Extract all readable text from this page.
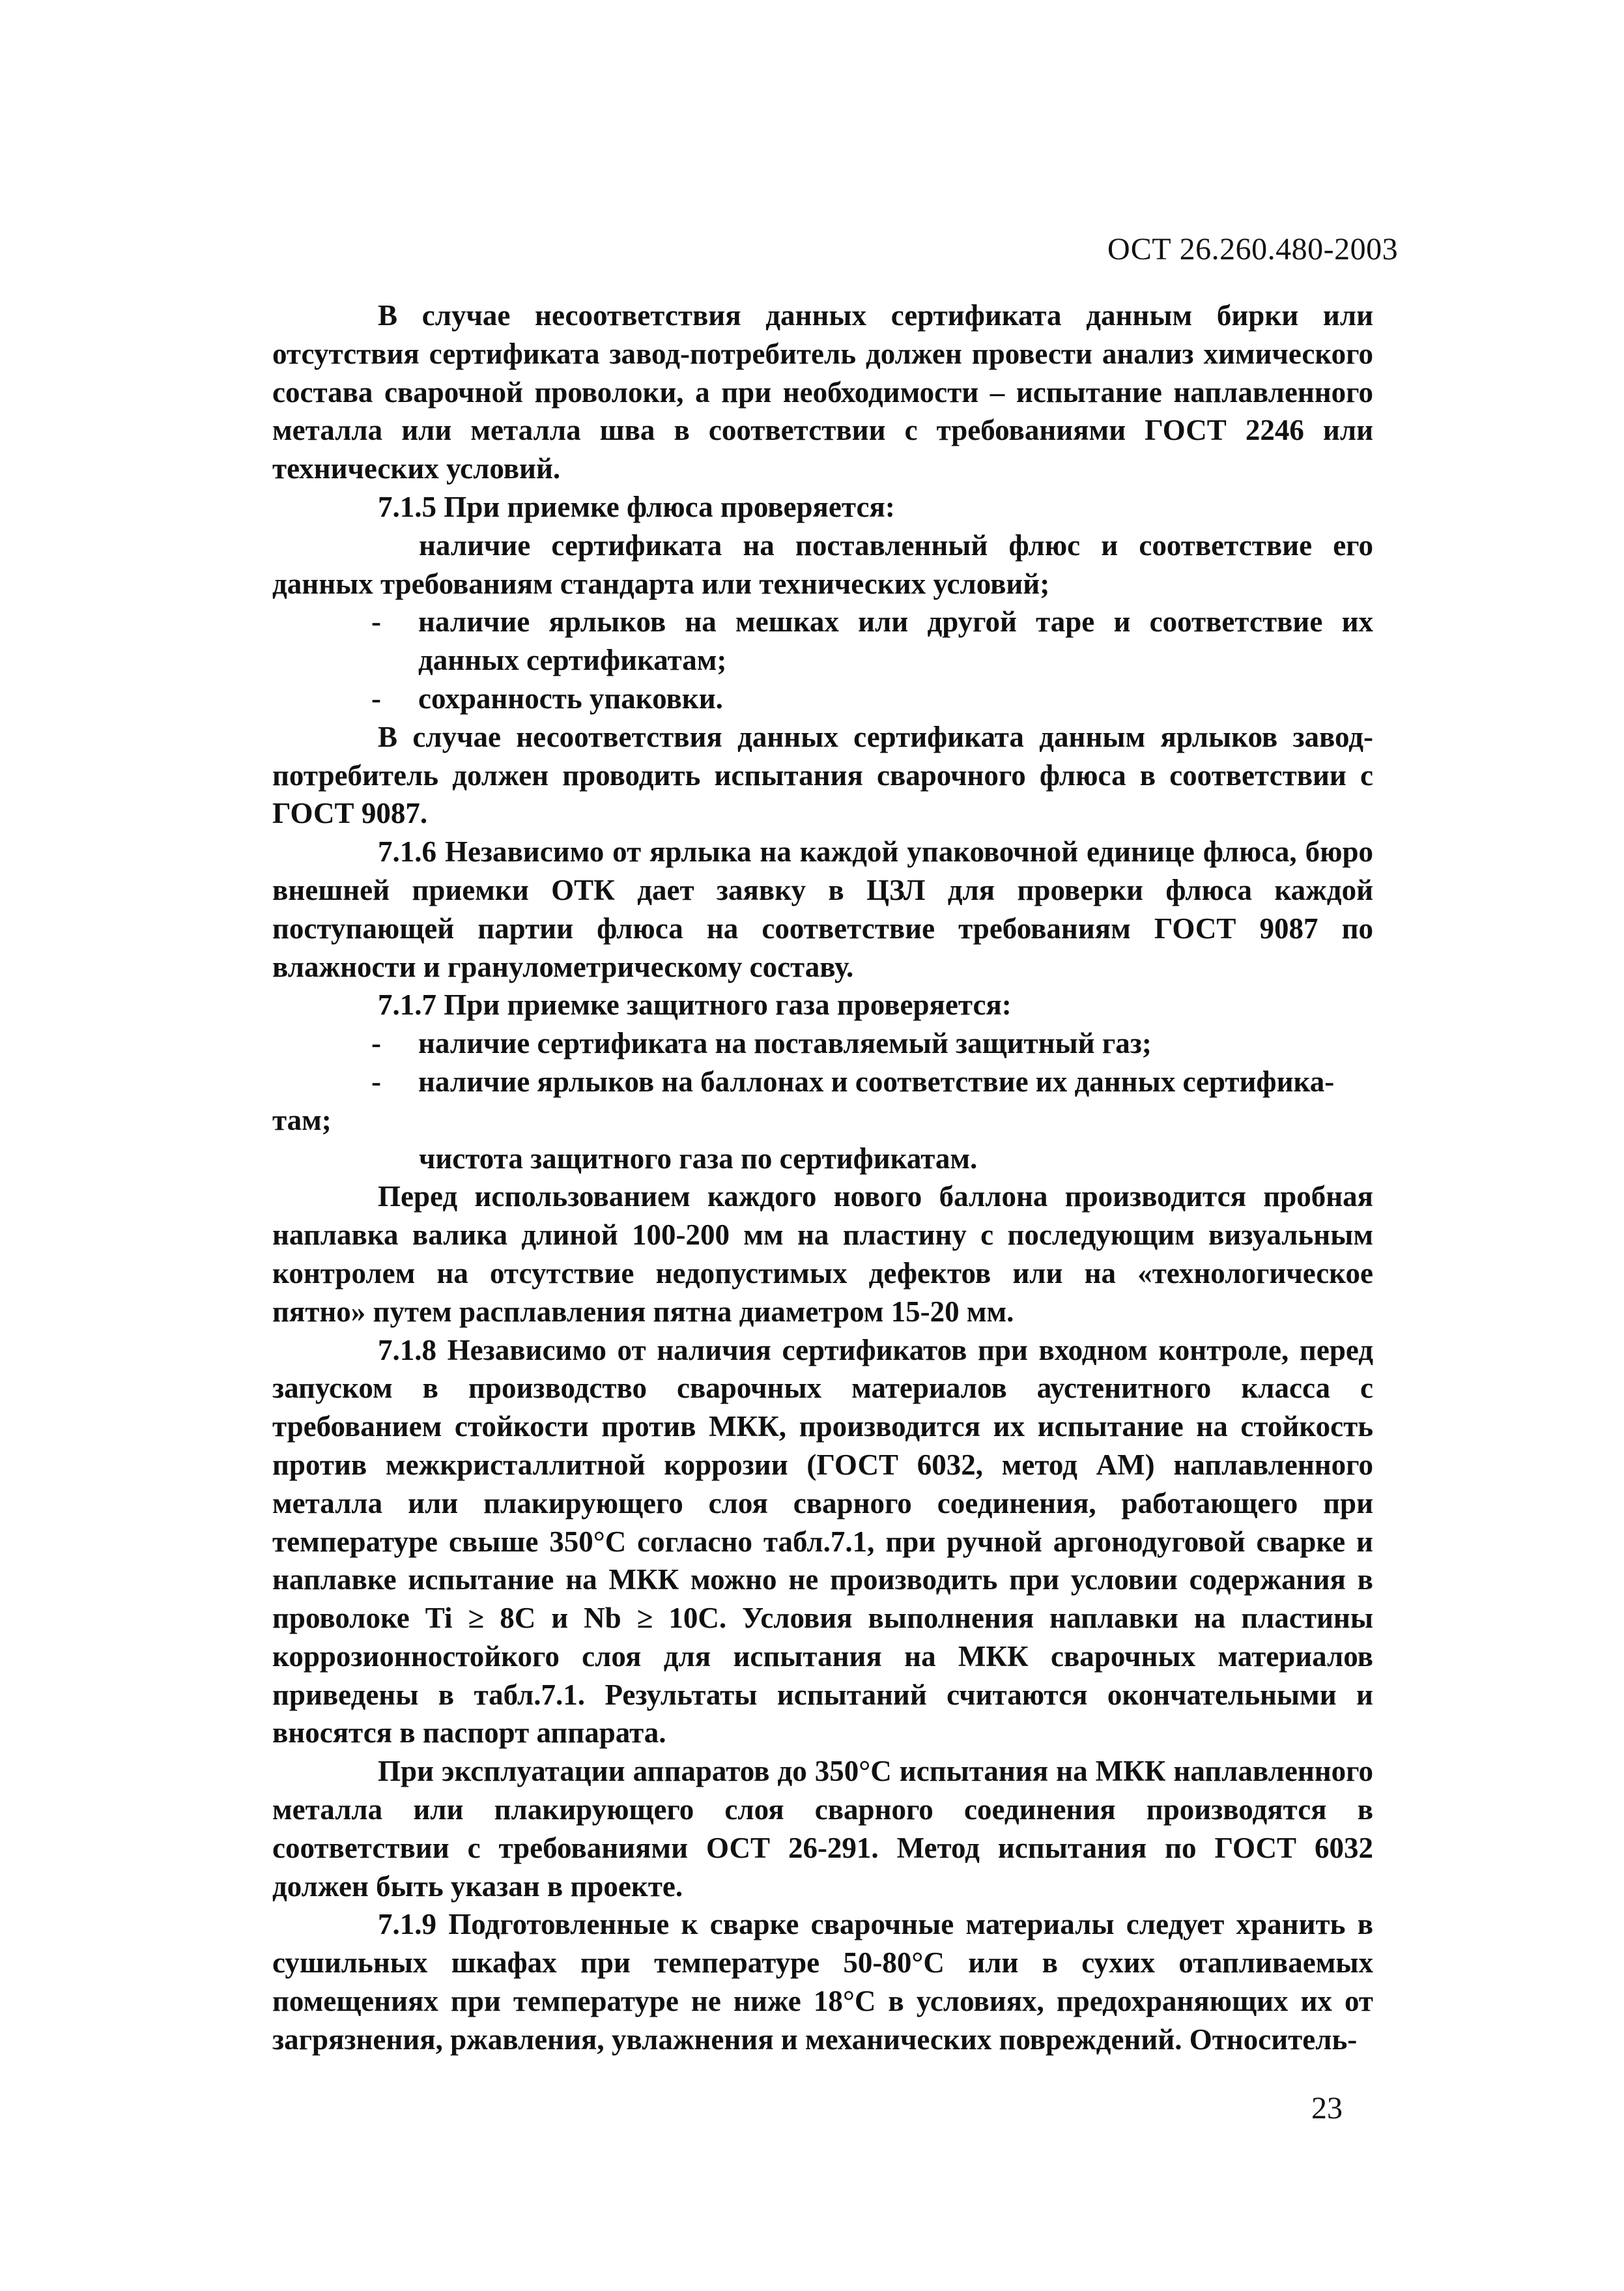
ОСТ 26.260.480-2003

В случае несоответствия данных сертификата данным бирки или отсутствия сертификата завод-потребитель должен провести анализ химического состава сварочной проволоки, а при необходимости – испытание наплавленного металла или металла шва в соответствии с требованиями ГОСТ 2246 или технических условий.

7.1.5 При приемке флюса проверяется:

наличие сертификата на поставленный флюс и соответствие его данных требованиям стандарта или технических условий;

-	наличие ярлыков на мешках или другой таре и соответствие их данных сертификатам;
-	сохранность упаковки.

В случае несоответствия данных сертификата данным ярлыков завод-потребитель должен проводить испытания сварочного флюса в соответствии с ГОСТ 9087.

7.1.6 Независимо от ярлыка на каждой упаковочной единице флюса, бюро внешней приемки ОТК дает заявку в ЦЗЛ для проверки флюса каждой поступающей партии флюса на соответствие требованиям ГОСТ 9087 по влажности и гранулометрическому составу.

7.1.7 При приемке защитного газа проверяется:

-	наличие сертификата на поставляемый защитный газ;
-	наличие ярлыков на баллонах и соответствие их данных сертифика-

там;

чистота защитного газа по сертификатам.

Перед использованием каждого нового баллона производится пробная наплавка валика длиной 100-200 мм на пластину с последующим визуальным контролем на отсутствие недопустимых дефектов или на «технологическое пятно» путем расплавления пятна диаметром 15-20 мм.

7.1.8 Независимо от наличия сертификатов при входном контроле, перед запуском в производство сварочных материалов аустенитного класса с требованием стойкости против МКК, производится их испытание на стойкость против межкристаллитной коррозии (ГОСТ 6032, метод АМ) наплавленного металла или плакирующего слоя сварного соединения, работающего при температуре свыше 350°С согласно табл.7.1, при ручной аргонодуговой сварке и наплавке испытание на МКК можно не производить при условии содержания в проволоке Ti ≥ 8С и Nb ≥ 10С. Условия выполнения наплавки на пластины коррозионностойкого слоя для испытания на МКК сварочных материалов приведены в табл.7.1. Результаты испытаний считаются окончательными и вносятся в паспорт аппарата.

При эксплуатации аппаратов до 350°С испытания на МКК наплавленного металла или плакирующего слоя сварного соединения производятся в соответствии с требованиями ОСТ 26-291. Метод испытания по ГОСТ 6032 должен быть указан в проекте.

7.1.9 Подготовленные к сварке сварочные материалы следует хранить в сушильных шкафах при температуре 50-80°С или в сухих отапливаемых помещениях при температуре не ниже 18°С в условиях, предохраняющих их от загрязнения, ржавления, увлажнения и механических повреждений. Относитель-

23
